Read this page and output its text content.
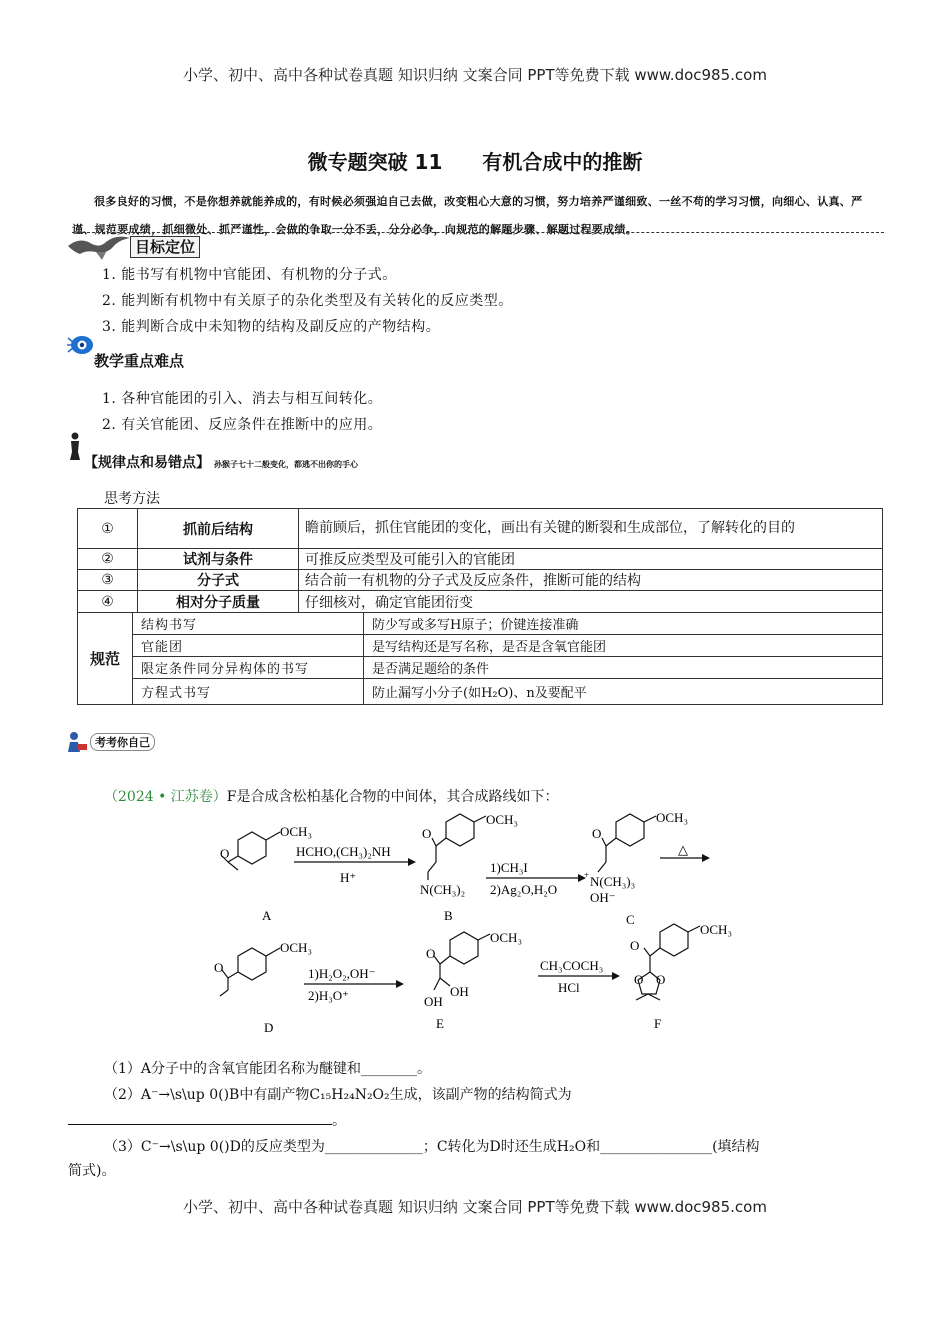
小学、初中、高中各种试卷真题 知识归纳 文案合同 PPT等免费下载 www.doc985.com
微专题突破 11 有机合成中的推断
很多良好的习惯，不是你想养就能养成的，有时候必须强迫自己去做，改变粗心大意的习惯，努力培养严谨细致、一丝不苟的学习习惯，向细心、认真、严谨、规范要成绩，抓细微处、抓严谨性，会做的争取一分不丢，分分必争，向规范的解题步骤、解题过程要成绩。
目标定位
1. 能书写有机物中官能团、有机物的分子式。
2. 能判断有机物中有关原子的杂化类型及有关转化的反应类型。
3. 能判断合成中未知物的结构及副反应的产物结构。
教学重点难点
1. 各种官能团的引入、消去与相互间转化。
2. 有关官能团、反应条件在推断中的应用。
【规律点和易错点】 孙猴子七十二般变化，都逃不出你的手心
思考方法
①	抓前后结构	瞻前顾后，抓住官能团的变化，画出有关键的断裂和生成部位，了解转化的目的
②	试剂与条件	可推反应类型及可能引入的官能团
③	分子式	结合前一有机物的分子式及反应条件，推断可能的结构
④	相对分子质量	仔细核对，确定官能团衍变
规范	结构书写	防少写或多写H原子；价键连接准确
	官能团	是写结构还是写名称，是否是含氧官能团
	限定条件同分异构体的书写	是否满足题给的条件
	方程式书写	防止漏写小分子(如H₂O)、n及要配平
考考你自己
（2024 • 江苏卷）F是合成含松柏基化合物的中间体，其合成路线如下：
O
OCH₃
A
HCHO,(CH₃)₂NH
H⁺
O
OCH₃
N(CH₃)₂
B
1)CH₃I
2)Ag₂O,H₂O
O
OCH₃
N(CH₃)₃
+
OH⁻
C
△
O
OCH₃
D
1)H₂O₂,OH⁻
2)H₃O⁺
O
OCH₃
OH
OH
E
CH₃COCH₃
HCl
O
OCH₃
O
O
F
（1）A分子中的含氧官能团名称为醚键和________。
（2）A⁻→\s\up 0()B中有副产物C₁₅H₂₄N₂O₂生成，该副产物的结构简式为
。
（3）C⁻→\s\up 0()D的反应类型为______________；C转化为D时还生成H₂O和________________(填结构
简式)。
小学、初中、高中各种试卷真题 知识归纳 文案合同 PPT等免费下载 www.doc985.com
